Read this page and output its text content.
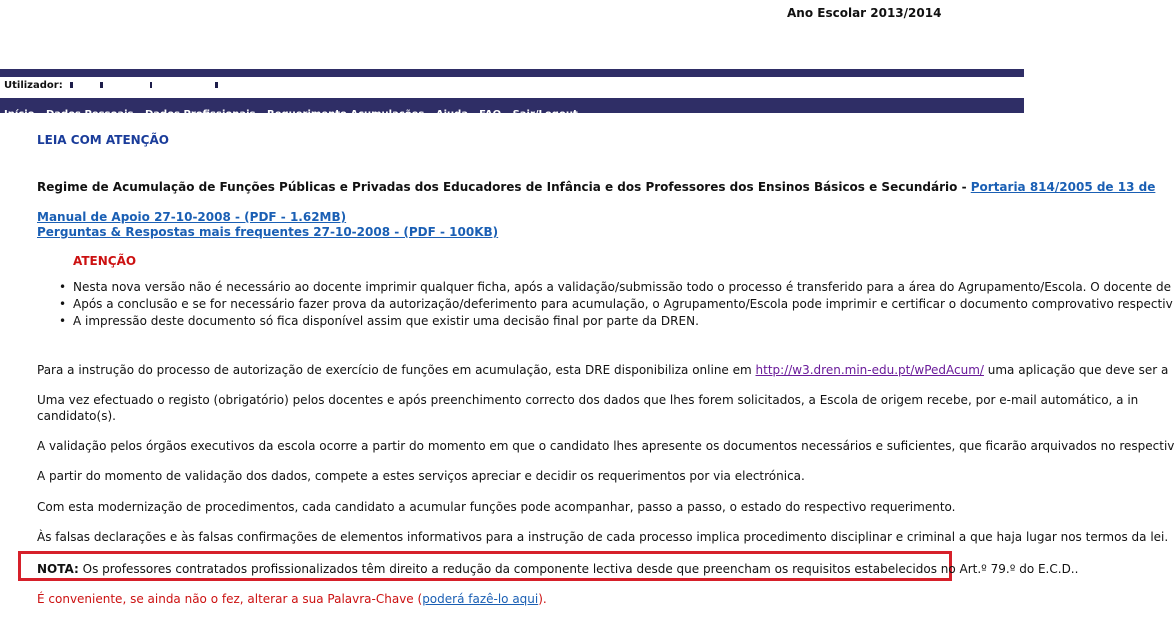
Ano Escolar 2013/2014
Utilizador:
Início Dados Pessoais Dados Profissionais Requerimento Acumulações Ajuda - FAQ Sair/Logout
LEIA COM ATENÇÃO
Regime de Acumulação de Funções Públicas e Privadas dos Educadores de Infância e dos Professores dos Ensinos Básicos e Secundário - Portaria 814/2005 de 13 de
Manual de Apoio 27-10-2008 - (PDF - 1.62MB)
Perguntas & Respostas mais frequentes 27-10-2008 - (PDF - 100KB)
ATENÇÃO
• Nesta nova versão não é necessário ao docente imprimir qualquer ficha, após a validação/submissão todo o processo é transferido para a área do Agrupamento/Escola. O docente de
• Após a conclusão e se for necessário fazer prova da autorização/deferimento para acumulação, o Agrupamento/Escola pode imprimir e certificar o documento comprovativo respectiv
• A impressão deste documento só fica disponível assim que existir uma decisão final por parte da DREN.
Para a instrução do processo de autorização de exercício de funções em acumulação, esta DRE disponibiliza online em http://w3.dren.min-edu.pt/wPedAcum/ uma aplicação que deve ser a
Uma vez efectuado o registo (obrigatório) pelos docentes e após preenchimento correcto dos dados que lhes forem solicitados, a Escola de origem recebe, por e-mail automático, a in
candidato(s).
A validação pelos órgãos executivos da escola ocorre a partir do momento em que o candidato lhes apresente os documentos necessários e suficientes, que ficarão arquivados no respectiv
A partir do momento de validação dos dados, compete a estes serviços apreciar e decidir os requerimentos por via electrónica.
Com esta modernização de procedimentos, cada candidato a acumular funções pode acompanhar, passo a passo, o estado do respectivo requerimento.
Às falsas declarações e às falsas confirmações de elementos informativos para a instrução de cada processo implica procedimento disciplinar e criminal a que haja lugar nos termos da lei.
NOTA: Os professores contratados profissionalizados têm direito a redução da componente lectiva desde que preencham os requisitos estabelecidos no Art.º 79.º do E.C.D..
É conveniente, se ainda não o fez, alterar a sua Palavra-Chave (poderá fazê-lo aqui).
